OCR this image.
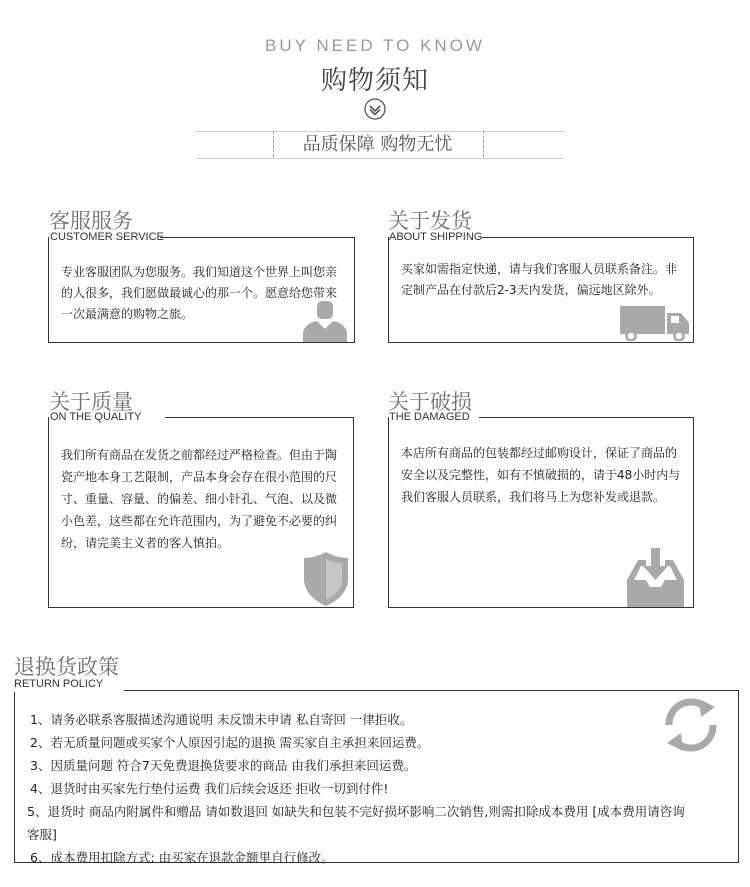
BUY NEED TO KNOW
购物须知
品质保障 购物无忧
客服服务
CUSTOMER SERVICE
专业客服团队为您服务。我们知道这个世界上叫您亲的人很多，我们愿做最诚心的那一个。愿意给您带来一次最满意的购物之旅。
关于发货
ABOUT SHIPPING
买家如需指定快递，请与我们客服人员联系备注。非定制产品在付款后2-3天内发货，偏远地区除外。
关于质量
ON THE QUALITY
我们所有商品在发货之前都经过严格检查。但由于陶瓷产地本身工艺限制，产品本身会存在很小范围的尺寸、重量、容量、的偏差、细小针孔、气泡、以及微小色差，这些都在允许范围内，为了避免不必要的纠纷，请完美主义者的客人慎拍。
关于破损
THE DAMAGED
本店所有商品的包装都经过邮购设计，保证了商品的安全以及完整性，如有不慎破损的，请于48小时内与我们客服人员联系，我们将马上为您补发或退款。
退换货政策
RETURN POLICY
1、请务必联系客服描述沟通说明 未反馈未申请 私自寄回 一律拒收。
2、若无质量问题或买家个人原因引起的退换 需买家自主承担来回运费。
3、因质量问题 符合7天免费退换货要求的商品 由我们承担来回运费。
4、退货时由买家先行垫付运费 我们后续会返还 拒收一切到付件!
5、退货时 商品内附属件和赠品 请如数退回 如缺失和包装不完好损坏影响二次销售,则需扣除成本费用 [成本费用请咨询客服]
6、成本费用扣除方式: 由买家在退款金额里自行修改。
